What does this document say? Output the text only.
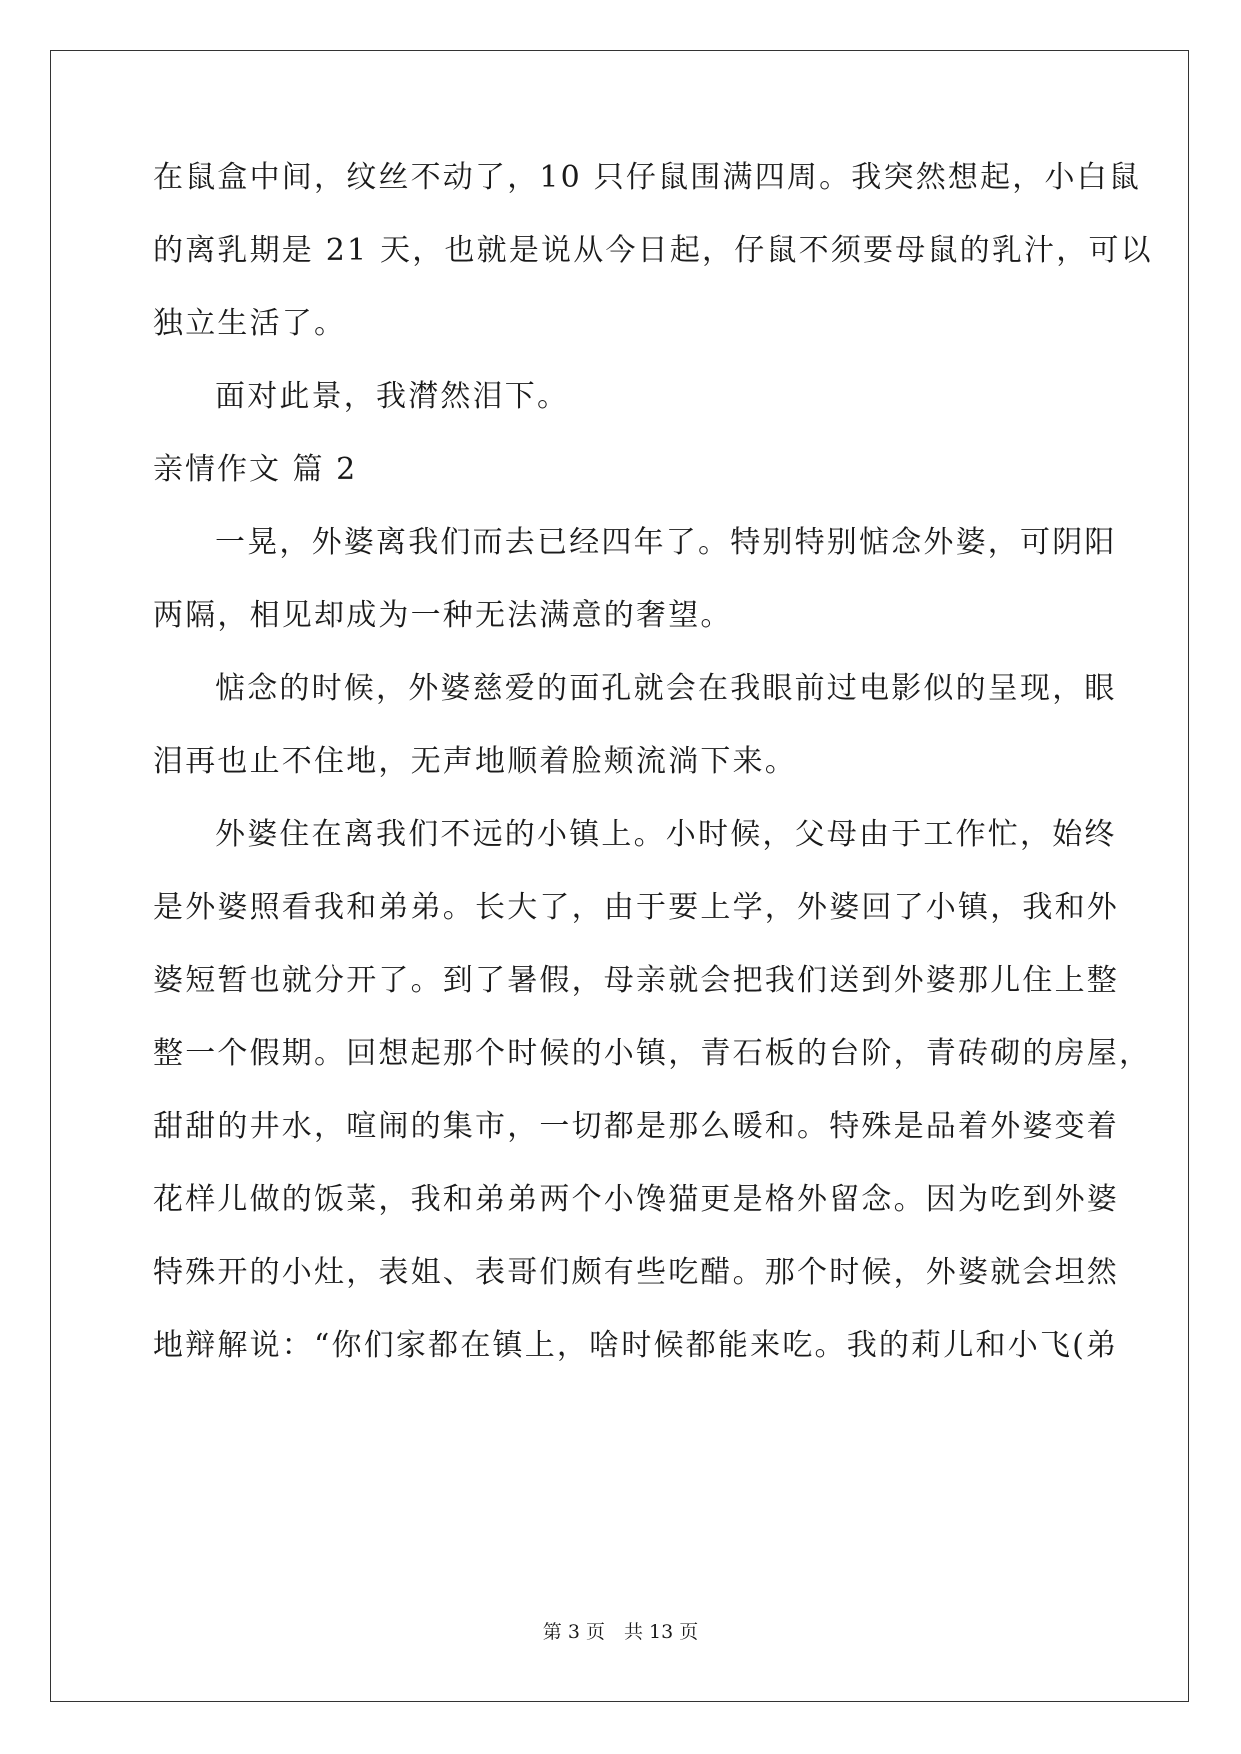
在鼠盒中间，纹丝不动了，10 只仔鼠围满四周。我突然想起，小白鼠
的离乳期是 21 天，也就是说从今日起，仔鼠不须要母鼠的乳汁，可以
独立生活了。
面对此景，我潸然泪下。
亲情作文 篇 2
一晃，外婆离我们而去已经四年了。特别特别惦念外婆，可阴阳
两隔，相见却成为一种无法满意的奢望。
惦念的时候，外婆慈爱的面孔就会在我眼前过电影似的呈现，眼
泪再也止不住地，无声地顺着脸颊流淌下来。
外婆住在离我们不远的小镇上。小时候，父母由于工作忙，始终
是外婆照看我和弟弟。长大了，由于要上学，外婆回了小镇，我和外
婆短暂也就分开了。到了暑假，母亲就会把我们送到外婆那儿住上整
整一个假期。回想起那个时候的小镇，青石板的台阶，青砖砌的房屋，
甜甜的井水，喧闹的集市，一切都是那么暖和。特殊是品着外婆变着
花样儿做的饭菜，我和弟弟两个小馋猫更是格外留念。因为吃到外婆
特殊开的小灶，表姐、表哥们颇有些吃醋。那个时候，外婆就会坦然
地辩解说：“你们家都在镇上，啥时候都能来吃。我的莉儿和小飞(弟
第 3 页　共 13 页
